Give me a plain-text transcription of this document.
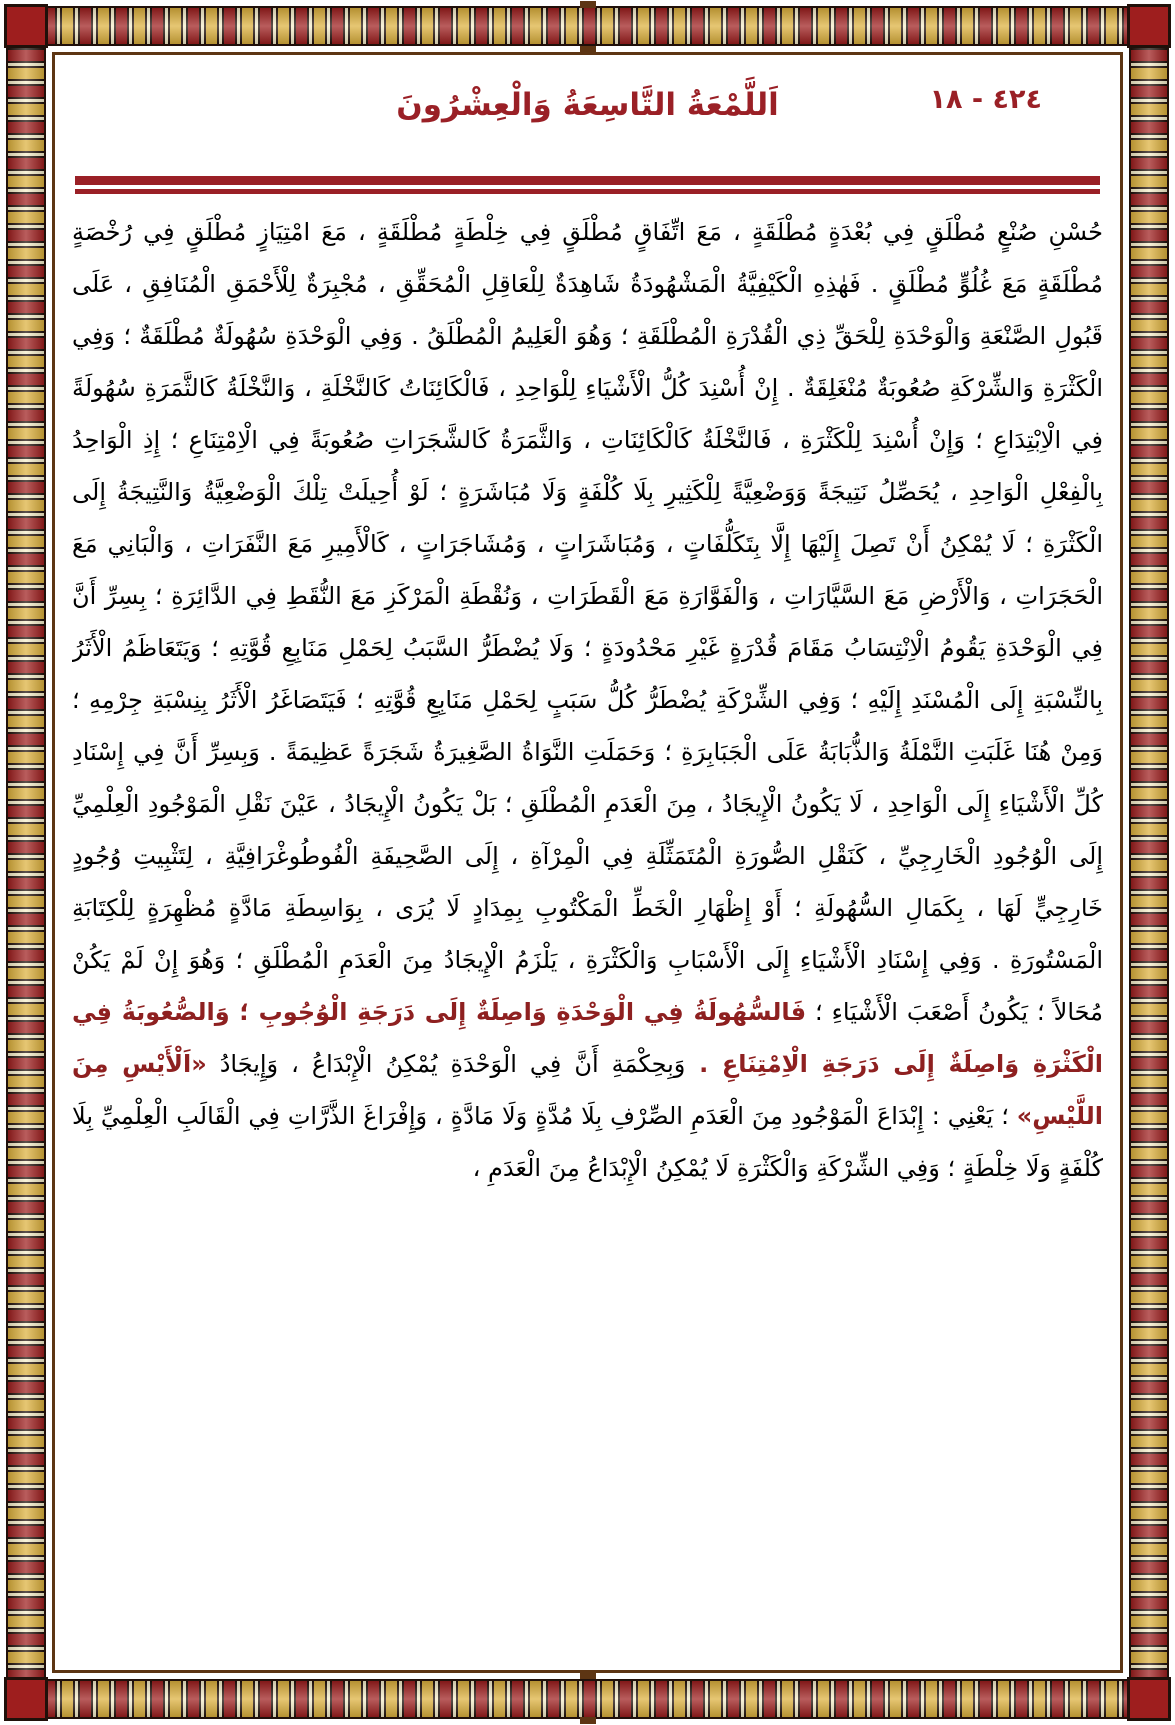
٤٢٤ - ١٨
اَللَّمْعَةُ التَّاسِعَةُ وَالْعِشْرُونَ

حُسْنِ صُنْعٍ مُطْلَقٍ فِي بُعْدَةٍ مُطْلَقَةٍ ، مَعَ اتِّفَاقٍ مُطْلَقٍ فِي خِلْطَةٍ مُطْلَقَةٍ ، مَعَ امْتِيَازٍ مُطْلَقٍ فِي رُخْصَةٍ مُطْلَقَةٍ مَعَ غُلُوٍّ مُطْلَقٍ . فَهٰذِهِ الْكَيْفِيَّةُ الْمَشْهُودَةُ شَاهِدَةٌ لِلْعَاقِلِ الْمُحَقِّقِ ، مُجْبِرَةٌ لِلْأَحْمَقِ الْمُنَافِقِ ، عَلَى قَبُولِ الصَّنْعَةِ وَالْوَحْدَةِ لِلْحَقِّ ذِي الْقُدْرَةِ الْمُطْلَقَةِ ؛ وَهُوَ الْعَلِيمُ الْمُطْلَقُ . وَفِي الْوَحْدَةِ سُهُولَةٌ مُطْلَقَةٌ ؛ وَفِي الْكَثْرَةِ وَالشِّرْكَةِ صُعُوبَةٌ مُنْغَلِقَةٌ . إِنْ أُسْنِدَ كُلُّ الْأَشْيَاءِ لِلْوَاحِدِ ، فَالْكَائِنَاتُ كَالنَّخْلَةِ ، وَالنَّخْلَةُ كَالثَّمَرَةِ سُهُولَةً فِي الْاِبْتِدَاعِ ؛ وَإِنْ أُسْنِدَ لِلْكَثْرَةِ ، فَالنَّخْلَةُ كَالْكَائِنَاتِ ، وَالثَّمَرَةُ كَالشَّجَرَاتِ صُعُوبَةً فِي الْاِمْتِنَاعِ ؛ إِذِ الْوَاحِدُ بِالْفِعْلِ الْوَاحِدِ ، يُحَصِّلُ نَتِيجَةً وَوَضْعِيَّةً لِلْكَثِيرِ بِلَا كُلْفَةٍ وَلَا مُبَاشَرَةٍ ؛ لَوْ أُحِيلَتْ تِلْكَ الْوَضْعِيَّةُ وَالنَّتِيجَةُ إِلَى الْكَثْرَةِ ؛ لَا يُمْكِنُ أَنْ تَصِلَ إِلَيْهَا إِلَّا بِتَكَلُّفَاتٍ ، وَمُبَاشَرَاتٍ ، وَمُشَاجَرَاتٍ ، كَالْأَمِيرِ مَعَ النَّفَرَاتِ ، وَالْبَانِي مَعَ الْحَجَرَاتِ ، وَالْأَرْضِ مَعَ السَّيَّارَاتِ ، وَالْفَوَّارَةِ مَعَ الْقَطَرَاتِ ، وَنُقْطَةِ الْمَرْكَزِ مَعَ النُّقَطِ فِي الدَّائِرَةِ ؛ بِسِرِّ أَنَّ فِي الْوَحْدَةِ يَقُومُ الْاِنْتِسَابُ مَقَامَ قُدْرَةٍ غَيْرِ مَحْدُودَةٍ ؛ وَلَا يُضْطَرُّ السَّبَبُ لِحَمْلِ مَنَابِعِ قُوَّتِهِ ؛ وَيَتَعَاظَمُ الْأَثَرُ بِالنِّسْبَةِ إِلَى الْمُسْنَدِ إِلَيْهِ ؛ وَفِي الشِّرْكَةِ يُضْطَرُّ كُلُّ سَبَبٍ لِحَمْلِ مَنَابِعِ قُوَّتِهِ ؛ فَيَتَصَاغَرُ الْأَثَرُ بِنِسْبَةِ جِرْمِهِ ؛ وَمِنْ هُنَا غَلَبَتِ النَّمْلَةُ وَالذُّبَابَةُ عَلَى الْجَبَابِرَةِ ؛ وَحَمَلَتِ النَّوَاةُ الصَّغِيرَةُ شَجَرَةً عَظِيمَةً . وَبِسِرِّ أَنَّ فِي إِسْنَادِ كُلِّ الْأَشْيَاءِ إِلَى الْوَاحِدِ ، لَا يَكُونُ الْإِيجَادُ ، مِنَ الْعَدَمِ الْمُطْلَقِ ؛ بَلْ يَكُونُ الْإِيجَادُ ، عَيْنَ نَقْلِ الْمَوْجُودِ الْعِلْمِيِّ إِلَى الْوُجُودِ الْخَارِجِيِّ ، كَنَقْلِ الصُّورَةِ الْمُتَمَثِّلَةِ فِي الْمِرْآةِ ، إِلَى الصَّحِيفَةِ الْفُوطُوغْرَافِيَّةِ ، لِتَثْبِيتِ وُجُودٍ خَارِجِيٍّ لَهَا ، بِكَمَالِ السُّهُولَةِ ؛ أَوْ إِظْهَارِ الْخَطِّ الْمَكْتُوبِ بِمِدَادٍ لَا يُرَى ، بِوَاسِطَةِ مَادَّةٍ مُظْهِرَةٍ لِلْكِتَابَةِ الْمَسْتُورَةِ . وَفِي إِسْنَادِ الْأَشْيَاءِ إِلَى الْأَسْبَابِ وَالْكَثْرَةِ ، يَلْزَمُ الْإِيجَادُ مِنَ الْعَدَمِ الْمُطْلَقِ ؛ وَهُوَ إِنْ لَمْ يَكُنْ مُحَالاً ؛ يَكُونُ أَصْعَبَ الْأَشْيَاءِ ؛ فَالسُّهُولَةُ فِي الْوَحْدَةِ وَاصِلَةٌ إِلَى دَرَجَةِ الْوُجُوبِ ؛ وَالصُّعُوبَةُ فِي الْكَثْرَةِ وَاصِلَةٌ إِلَى دَرَجَةِ الْاِمْتِنَاعِ . وَبِحِكْمَةِ أَنَّ فِي الْوَحْدَةِ يُمْكِنُ الْإِبْدَاعُ ، وَإِيجَادُ «اَلْأَيْسِ مِنَ اللَّيْسِ» ؛ يَعْنِي : إِبْدَاعَ الْمَوْجُودِ مِنَ الْعَدَمِ الصِّرْفِ بِلَا مُدَّةٍ وَلَا مَادَّةٍ ، وَإِفْرَاغَ الذَّرَّاتِ فِي الْقَالَبِ الْعِلْمِيِّ بِلَا كُلْفَةٍ وَلَا خِلْطَةٍ ؛ وَفِي الشِّرْكَةِ وَالْكَثْرَةِ لَا يُمْكِنُ الْإِبْدَاعُ مِنَ الْعَدَمِ ،
